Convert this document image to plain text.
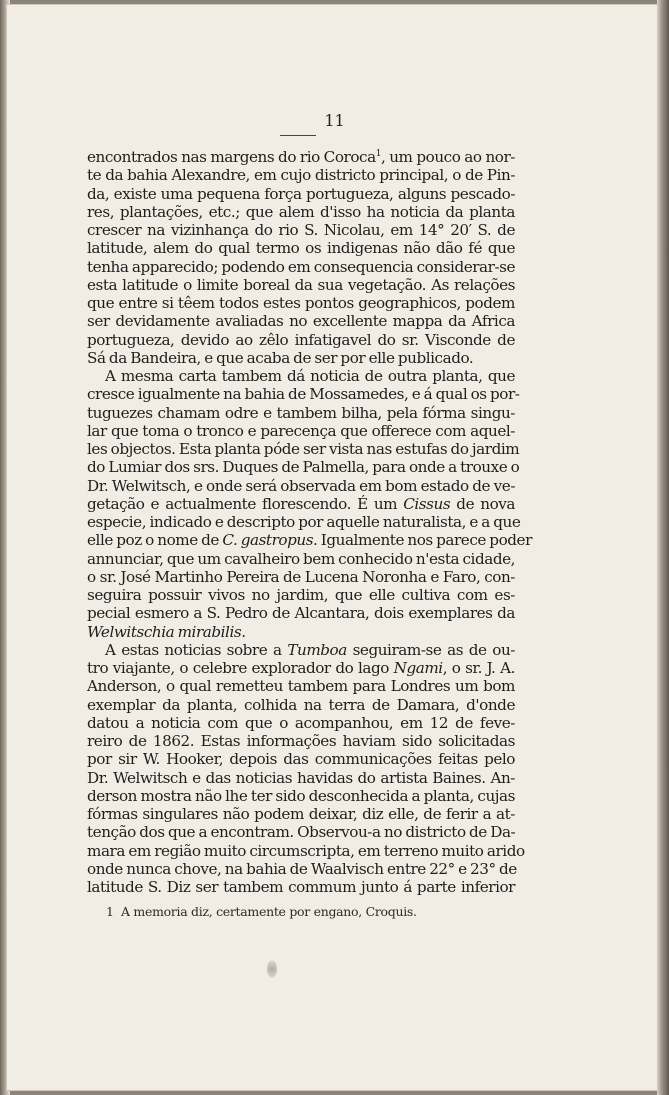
11
encontrados nas margens do rio Coroca$^1$, um pouco ao nor-
te da bahia Alexandre, em cujo districto principal, o de Pin-
da, existe uma pequena força portugueza, alguns pescado-
res, plantações, etc.; que alem d'isso ha noticia da planta
crescer na vizinhança do rio S. Nicolau, em 14° 20′ S. de
latitude, alem do qual termo os indigenas não dão fé que
tenha apparecido; podendo em consequencia considerar-se
esta latitude o limite boreal da sua vegetação. As relações
que entre si têem todos estes pontos geographicos, podem
ser devidamente avaliadas no excellente mappa da Africa
portugueza, devido ao zêlo infatigavel do sr. Visconde de
Sá da Bandeira, e que acaba de ser por elle publicado.
A mesma carta tambem dá noticia de outra planta, que
cresce igualmente na bahia de Mossamedes, e á qual os por-
tuguezes chamam odre e tambem bilha, pela fórma singu-
lar que toma o tronco e parecença que offerece com aquel-
les objectos. Esta planta póde ser vista nas estufas do jardim
do Lumiar dos srs. Duques de Palmella, para onde a trouxe o
Dr. Welwitsch, e onde será observada em bom estado de ve-
getação e actualmente florescendo. É um Cissus de nova
especie, indicado e descripto por aquelle naturalista, e a que
elle poz o nome de C. gastropus. Igualmente nos parece poder
annunciar, que um cavalheiro bem conhecido n'esta cidade,
o sr. José Martinho Pereira de Lucena Noronha e Faro, con-
seguira possuir vivos no jardim, que elle cultiva com es-
pecial esmero a S. Pedro de Alcantara, dois exemplares da
Welwitschia mirabilis.
A estas noticias sobre a Tumboa seguiram-se as de ou-
tro viajante, o celebre explorador do lago Ngami, o sr. J. A.
Anderson, o qual remetteu tambem para Londres um bom
exemplar da planta, colhida na terra de Damara, d'onde
datou a noticia com que o acompanhou, em 12 de feve-
reiro de 1862. Estas informações haviam sido solicitadas
por sir W. Hooker, depois das communicações feitas pelo
Dr. Welwitsch e das noticias havidas do artista Baines. An-
derson mostra não lhe ter sido desconhecida a planta, cujas
fórmas singulares não podem deixar, diz elle, de ferir a at-
tenção dos que a encontram. Observou-a no districto de Da-
mara em região muito circumscripta, em terreno muito arido
onde nunca chove, na bahia de Waalvisch entre 22° e 23° de
latitude S. Diz ser tambem commum junto á parte inferior
1 A memoria diz, certamente por engano, Croquis.
